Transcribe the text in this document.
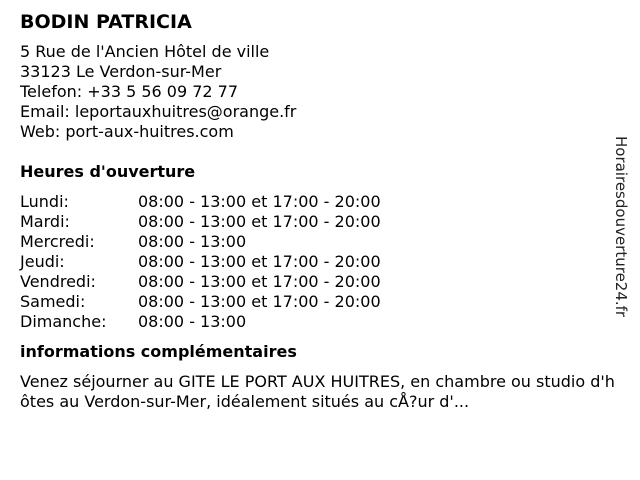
BODIN PATRICIA
5 Rue de l'Ancien Hôtel de ville
33123 Le Verdon-sur-Mer
Telefon: +33 5 56 09 72 77
Email: leportauxhuitres@orange.fr
Web: port-aux-huitres.com
Heures d'ouverture
Lundi:	08:00 - 13:00 et 17:00 - 20:00
Mardi:	08:00 - 13:00 et 17:00 - 20:00
Mercredi:	08:00 - 13:00
Jeudi:	08:00 - 13:00 et 17:00 - 20:00
Vendredi:	08:00 - 13:00 et 17:00 - 20:00
Samedi:	08:00 - 13:00 et 17:00 - 20:00
Dimanche:	08:00 - 13:00
informations complémentaires
Venez séjourner au GITE LE PORT AUX HUITRES, en chambre ou studio d'hôtes au Verdon-sur-Mer, idéalement situés au cÅ?ur d'...
Horairesdouverture24.fr
